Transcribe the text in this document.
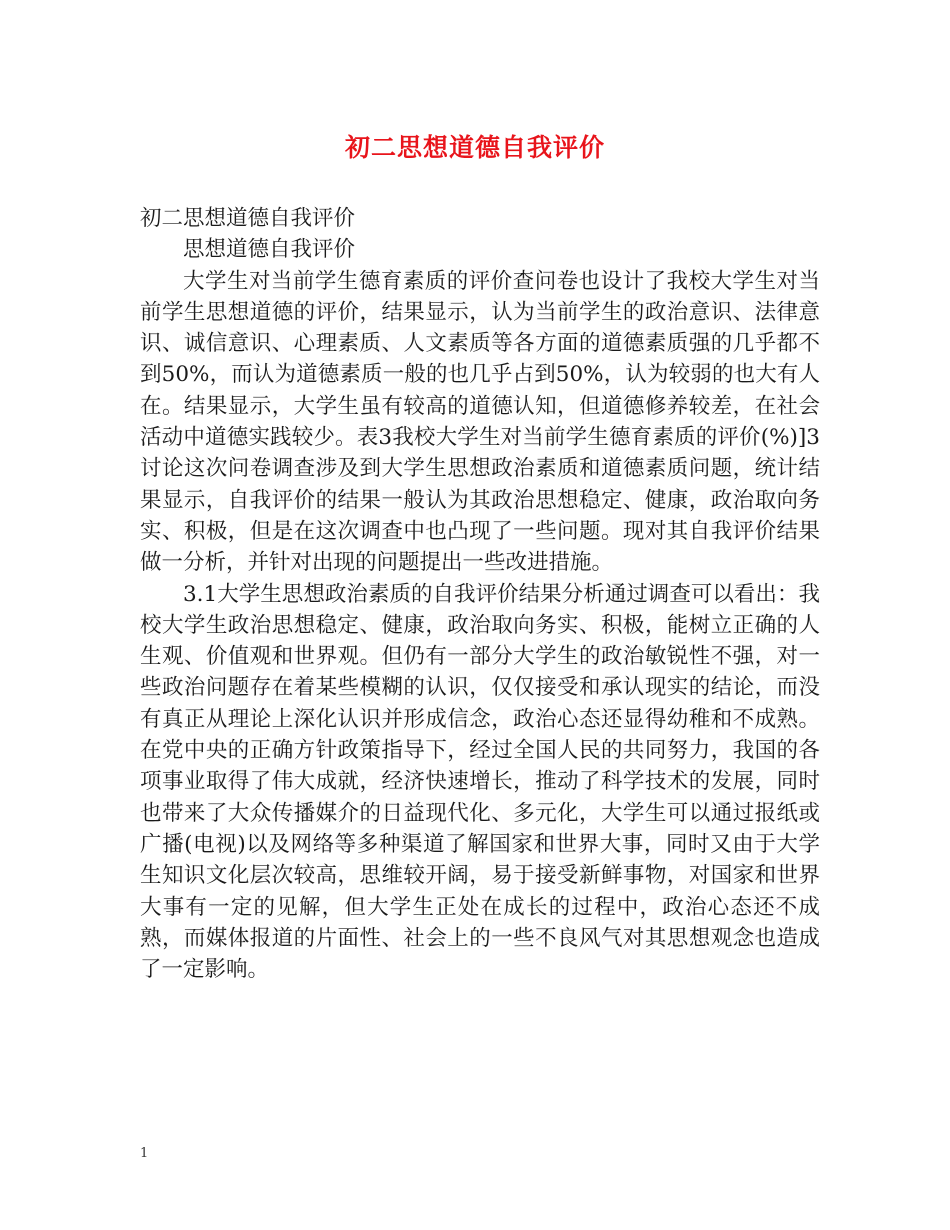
初二思想道德自我评价

初二思想道德自我评价

思想道德自我评价

大学生对当前学生德育素质的评价查问卷也设计了我校大学生对当前学生思想道德的评价，结果显示，认为当前学生的政治意识、法律意识、诚信意识、心理素质、人文素质等各方面的道德素质强的几乎都不到50%，而认为道德素质一般的也几乎占到50%，认为较弱的也大有人在。结果显示，大学生虽有较高的道德认知，但道德修养较差，在社会活动中道德实践较少。表3我校大学生对当前学生德育素质的评价(%)]3讨论这次问卷调查涉及到大学生思想政治素质和道德素质问题，统计结果显示，自我评价的结果一般认为其政治思想稳定、健康，政治取向务实、积极，但是在这次调查中也凸现了一些问题。现对其自我评价结果做一分析，并针对出现的问题提出一些改进措施。

3.1大学生思想政治素质的自我评价结果分析通过调查可以看出：我校大学生政治思想稳定、健康，政治取向务实、积极，能树立正确的人生观、价值观和世界观。但仍有一部分大学生的政治敏锐性不强，对一些政治问题存在着某些模糊的认识，仅仅接受和承认现实的结论，而没有真正从理论上深化认识并形成信念，政治心态还显得幼稚和不成熟。在党中央的正确方针政策指导下，经过全国人民的共同努力，我国的各项事业取得了伟大成就，经济快速增长，推动了科学技术的发展，同时也带来了大众传播媒介的日益现代化、多元化，大学生可以通过报纸或广播(电视)以及网络等多种渠道了解国家和世界大事，同时又由于大学生知识文化层次较高，思维较开阔，易于接受新鲜事物，对国家和世界大事有一定的见解，但大学生正处在成长的过程中，政治心态还不成熟，而媒体报道的片面性、社会上的一些不良风气对其思想观念也造成了一定影响。

1
